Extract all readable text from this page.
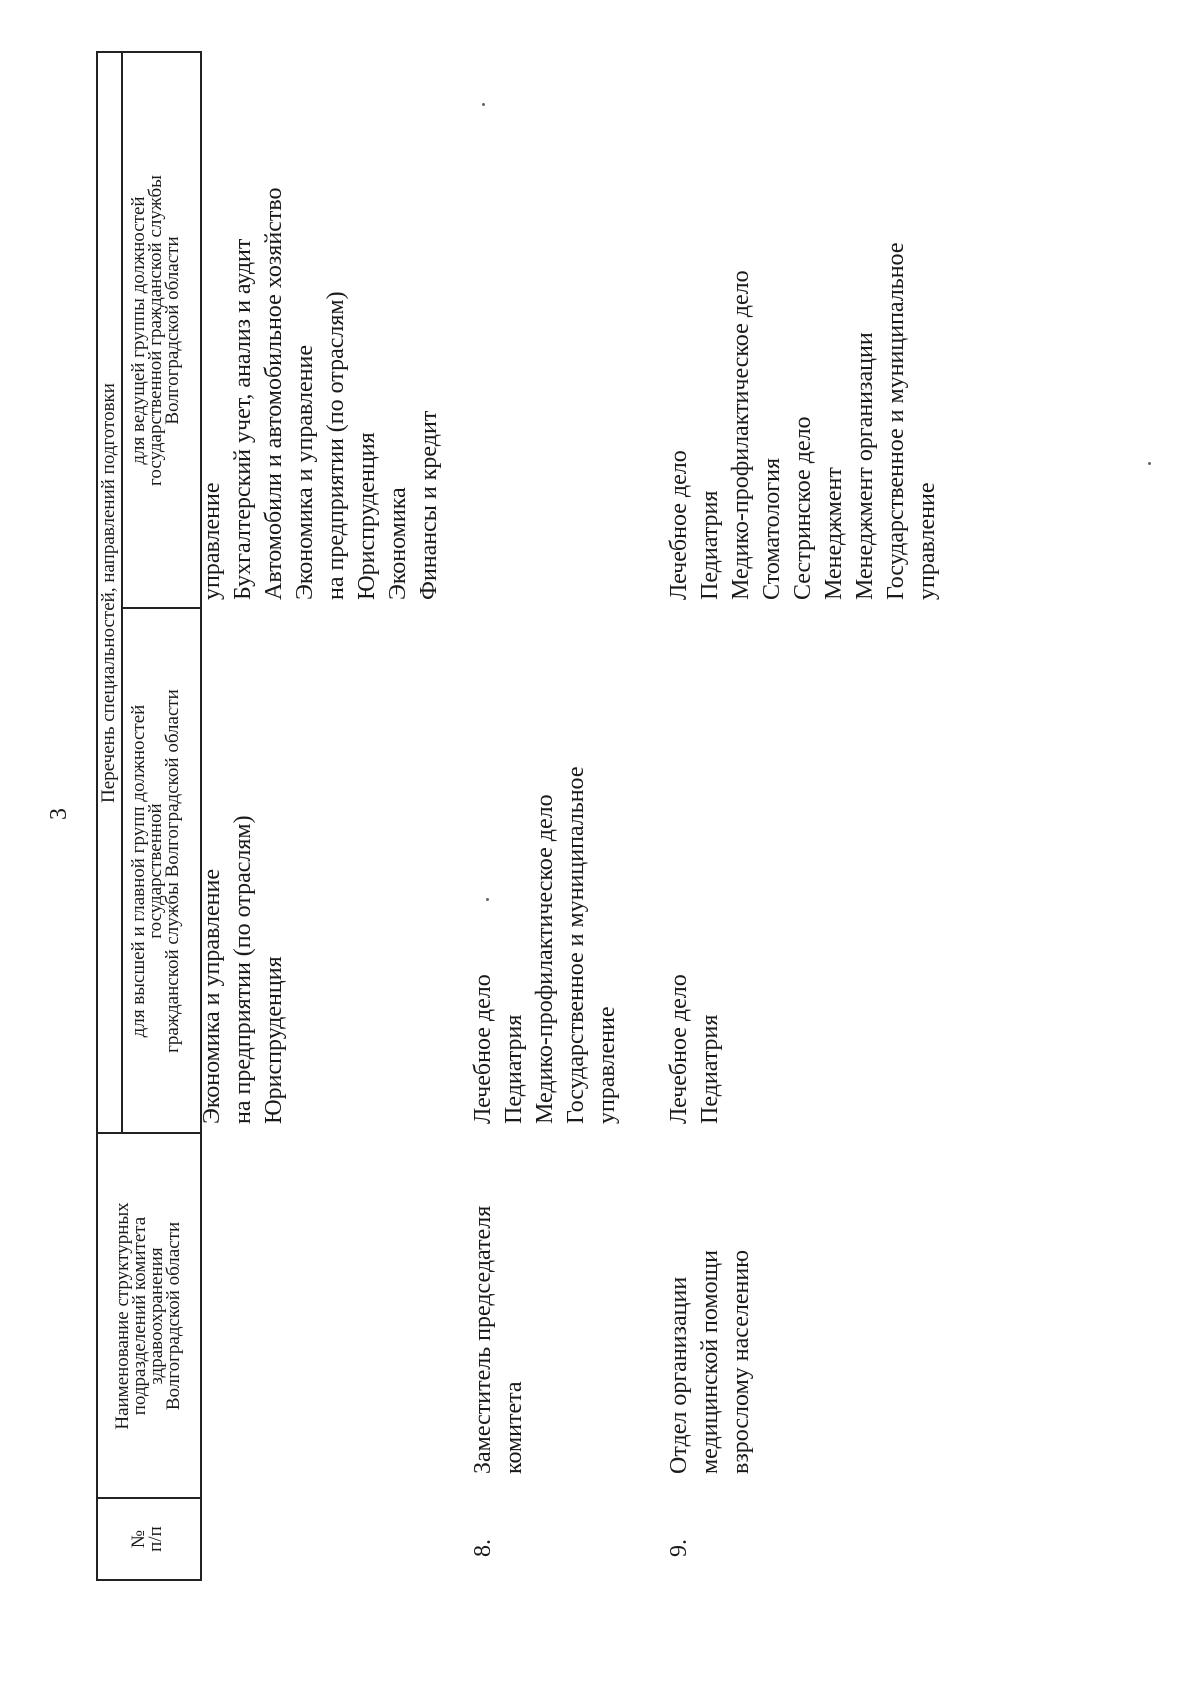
3
№
п/п
Наименование структурных
подразделений комитета
здравоохранения
Волгоградской области
Перечень специальностей, направлений подготовки
для высшей и главной групп должностей
государственной
гражданской службы Волгоградской области
для ведущей группы должностей
государственной гражданской службы
Волгоградской области
Экономика и управление на предприятии (по отраслям) Юриспруденция
управление Бухгалтерский учет, анализ и аудит Автомобили и автомобильное хозяйство Экономика и управление на предприятии (по отраслям) Юриспруденция Экономика Финансы и кредит
8.
Заместитель председателя комитета
Лечебное дело Педиатрия Медико-профилактическое дело Государственное и муниципальное управление
9.
Отдел организации медицинской помощи взрослому населению
Лечебное дело Педиатрия
Лечебное дело Педиатрия Медико-профилактическое дело Стоматология Сестринское дело Менеджмент Менеджмент организации Государственное и муниципальное управление
